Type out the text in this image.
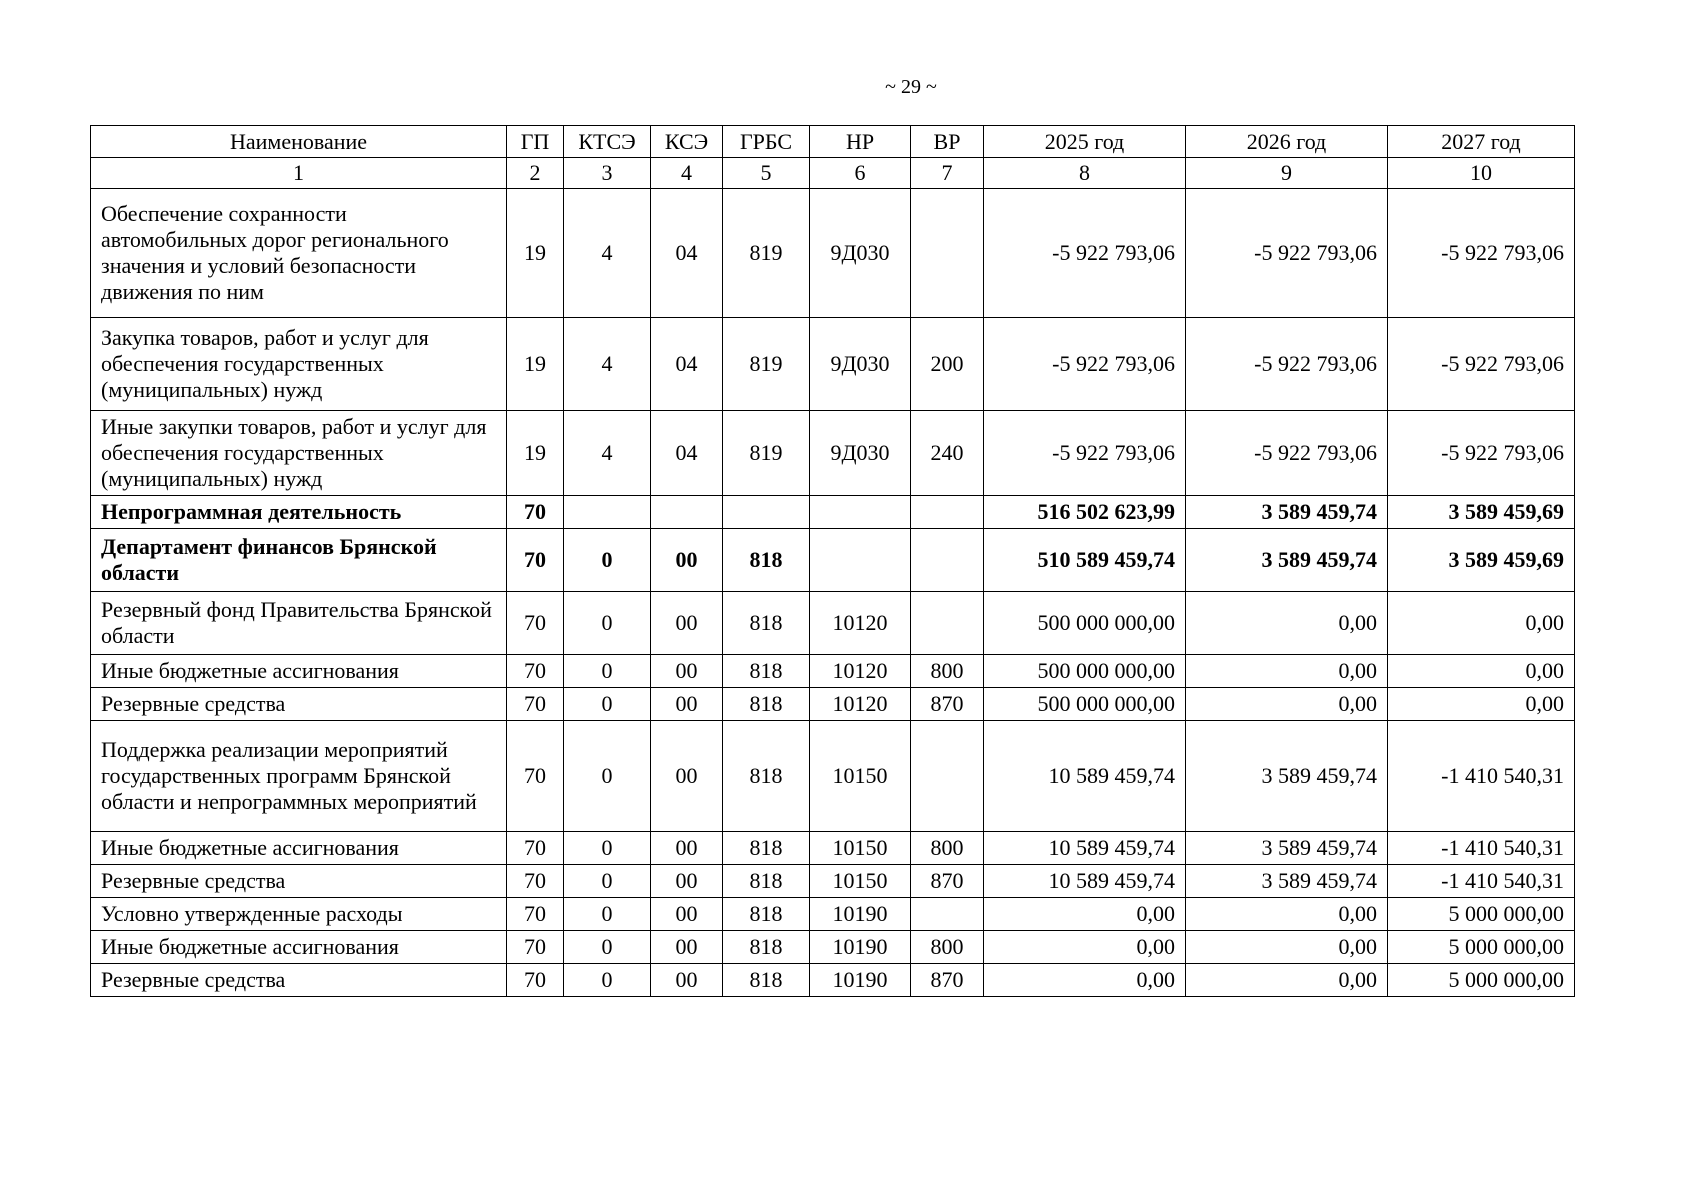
~ 29 ~
Наименование	ГП	КТСЭ	КСЭ	ГРБС	НР	ВР	2025 год	2026 год	2027 год
1	2	3	4	5	6	7	8	9	10
Обеспечение сохранности автомобильных дорог регионального значения и условий безопасности движения по ним	19	4	04	819	9Д030		-5 922 793,06	-5 922 793,06	-5 922 793,06
Закупка товаров, работ и услуг для обеспечения государственных (муниципальных) нужд	19	4	04	819	9Д030	200	-5 922 793,06	-5 922 793,06	-5 922 793,06
Иные закупки товаров, работ и услуг для обеспечения государственных (муниципальных) нужд	19	4	04	819	9Д030	240	-5 922 793,06	-5 922 793,06	-5 922 793,06
Непрограммная деятельность	70						516 502 623,99	3 589 459,74	3 589 459,69
Департамент финансов Брянской области	70	0	00	818			510 589 459,74	3 589 459,74	3 589 459,69
Резервный фонд Правительства Брянской области	70	0	00	818	10120		500 000 000,00	0,00	0,00
Иные бюджетные ассигнования	70	0	00	818	10120	800	500 000 000,00	0,00	0,00
Резервные средства	70	0	00	818	10120	870	500 000 000,00	0,00	0,00
Поддержка реализации мероприятий государственных программ Брянской области и непрограммных мероприятий	70	0	00	818	10150		10 589 459,74	3 589 459,74	-1 410 540,31
Иные бюджетные ассигнования	70	0	00	818	10150	800	10 589 459,74	3 589 459,74	-1 410 540,31
Резервные средства	70	0	00	818	10150	870	10 589 459,74	3 589 459,74	-1 410 540,31
Условно утвержденные расходы	70	0	00	818	10190		0,00	0,00	5 000 000,00
Иные бюджетные ассигнования	70	0	00	818	10190	800	0,00	0,00	5 000 000,00
Резервные средства	70	0	00	818	10190	870	0,00	0,00	5 000 000,00
